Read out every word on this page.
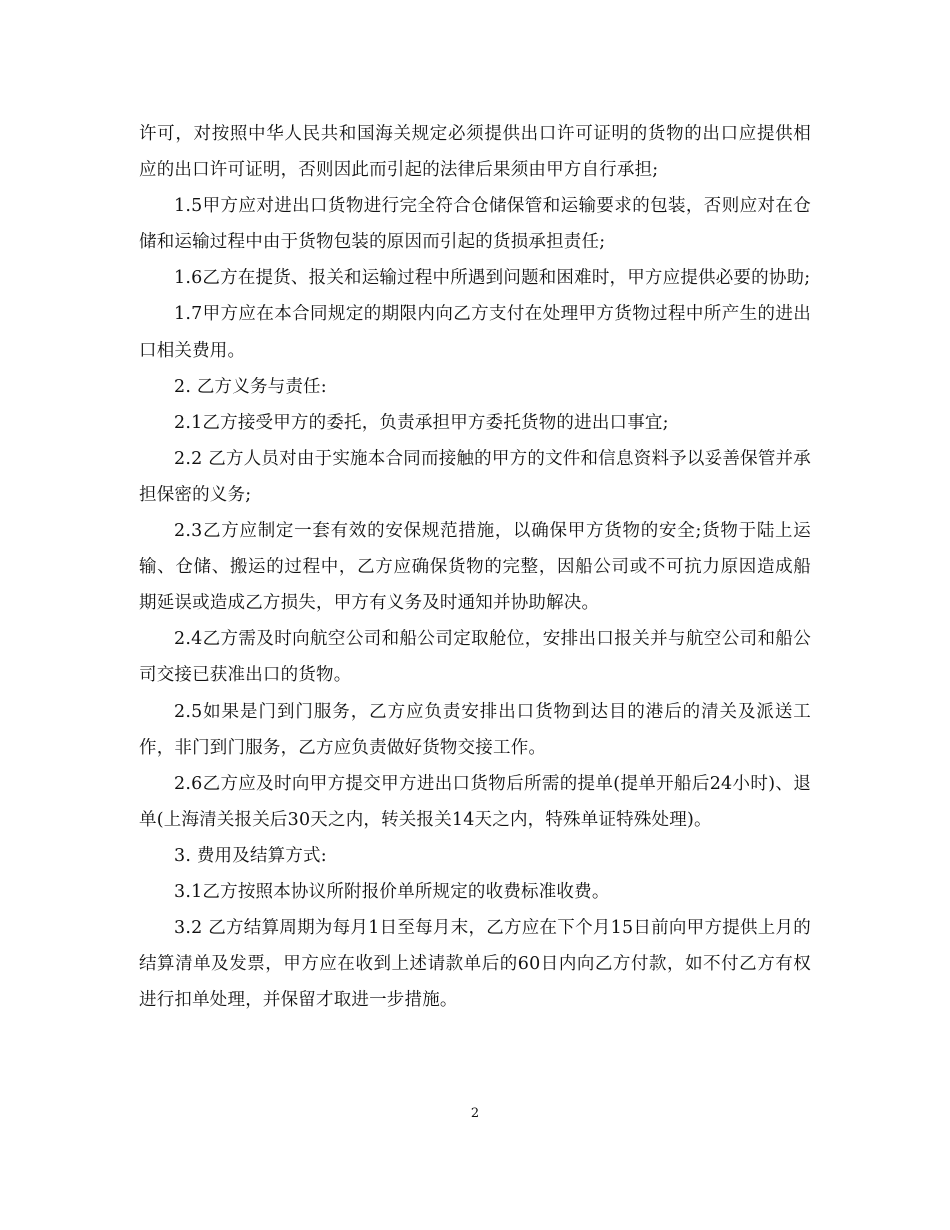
许可，对按照中华人民共和国海关规定必须提供出口许可证明的货物的出口应提供相应的出口许可证明，否则因此而引起的法律后果须由甲方自行承担;

1.5甲方应对进出口货物进行完全符合仓储保管和运输要求的包装，否则应对在仓储和运输过程中由于货物包装的原因而引起的货损承担责任;

1.6乙方在提货、报关和运输过程中所遇到问题和困难时，甲方应提供必要的协助;

1.7甲方应在本合同规定的期限内向乙方支付在处理甲方货物过程中所产生的进出口相关费用。

2. 乙方义务与责任:

2.1乙方接受甲方的委托，负责承担甲方委托货物的进出口事宜;

2.2 乙方人员对由于实施本合同而接触的甲方的文件和信息资料予以妥善保管并承担保密的义务;

2.3乙方应制定一套有效的安保规范措施，以确保甲方货物的安全;货物于陆上运输、仓储、搬运的过程中，乙方应确保货物的完整，因船公司或不可抗力原因造成船期延误或造成乙方损失，甲方有义务及时通知并协助解决。

2.4乙方需及时向航空公司和船公司定取舱位，安排出口报关并与航空公司和船公司交接已获准出口的货物。

2.5如果是门到门服务，乙方应负责安排出口货物到达目的港后的清关及派送工作，非门到门服务，乙方应负责做好货物交接工作。

2.6乙方应及时向甲方提交甲方进出口货物后所需的提单(提单开船后24小时)、退单(上海清关报关后30天之内，转关报关14天之内，特殊单证特殊处理)。

3. 费用及结算方式:

3.1乙方按照本协议所附报价单所规定的收费标准收费。

3.2 乙方结算周期为每月1日至每月末，乙方应在下个月15日前向甲方提供上月的结算清单及发票，甲方应在收到上述请款单后的60日内向乙方付款，如不付乙方有权进行扣单处理，并保留才取进一步措施。

2
